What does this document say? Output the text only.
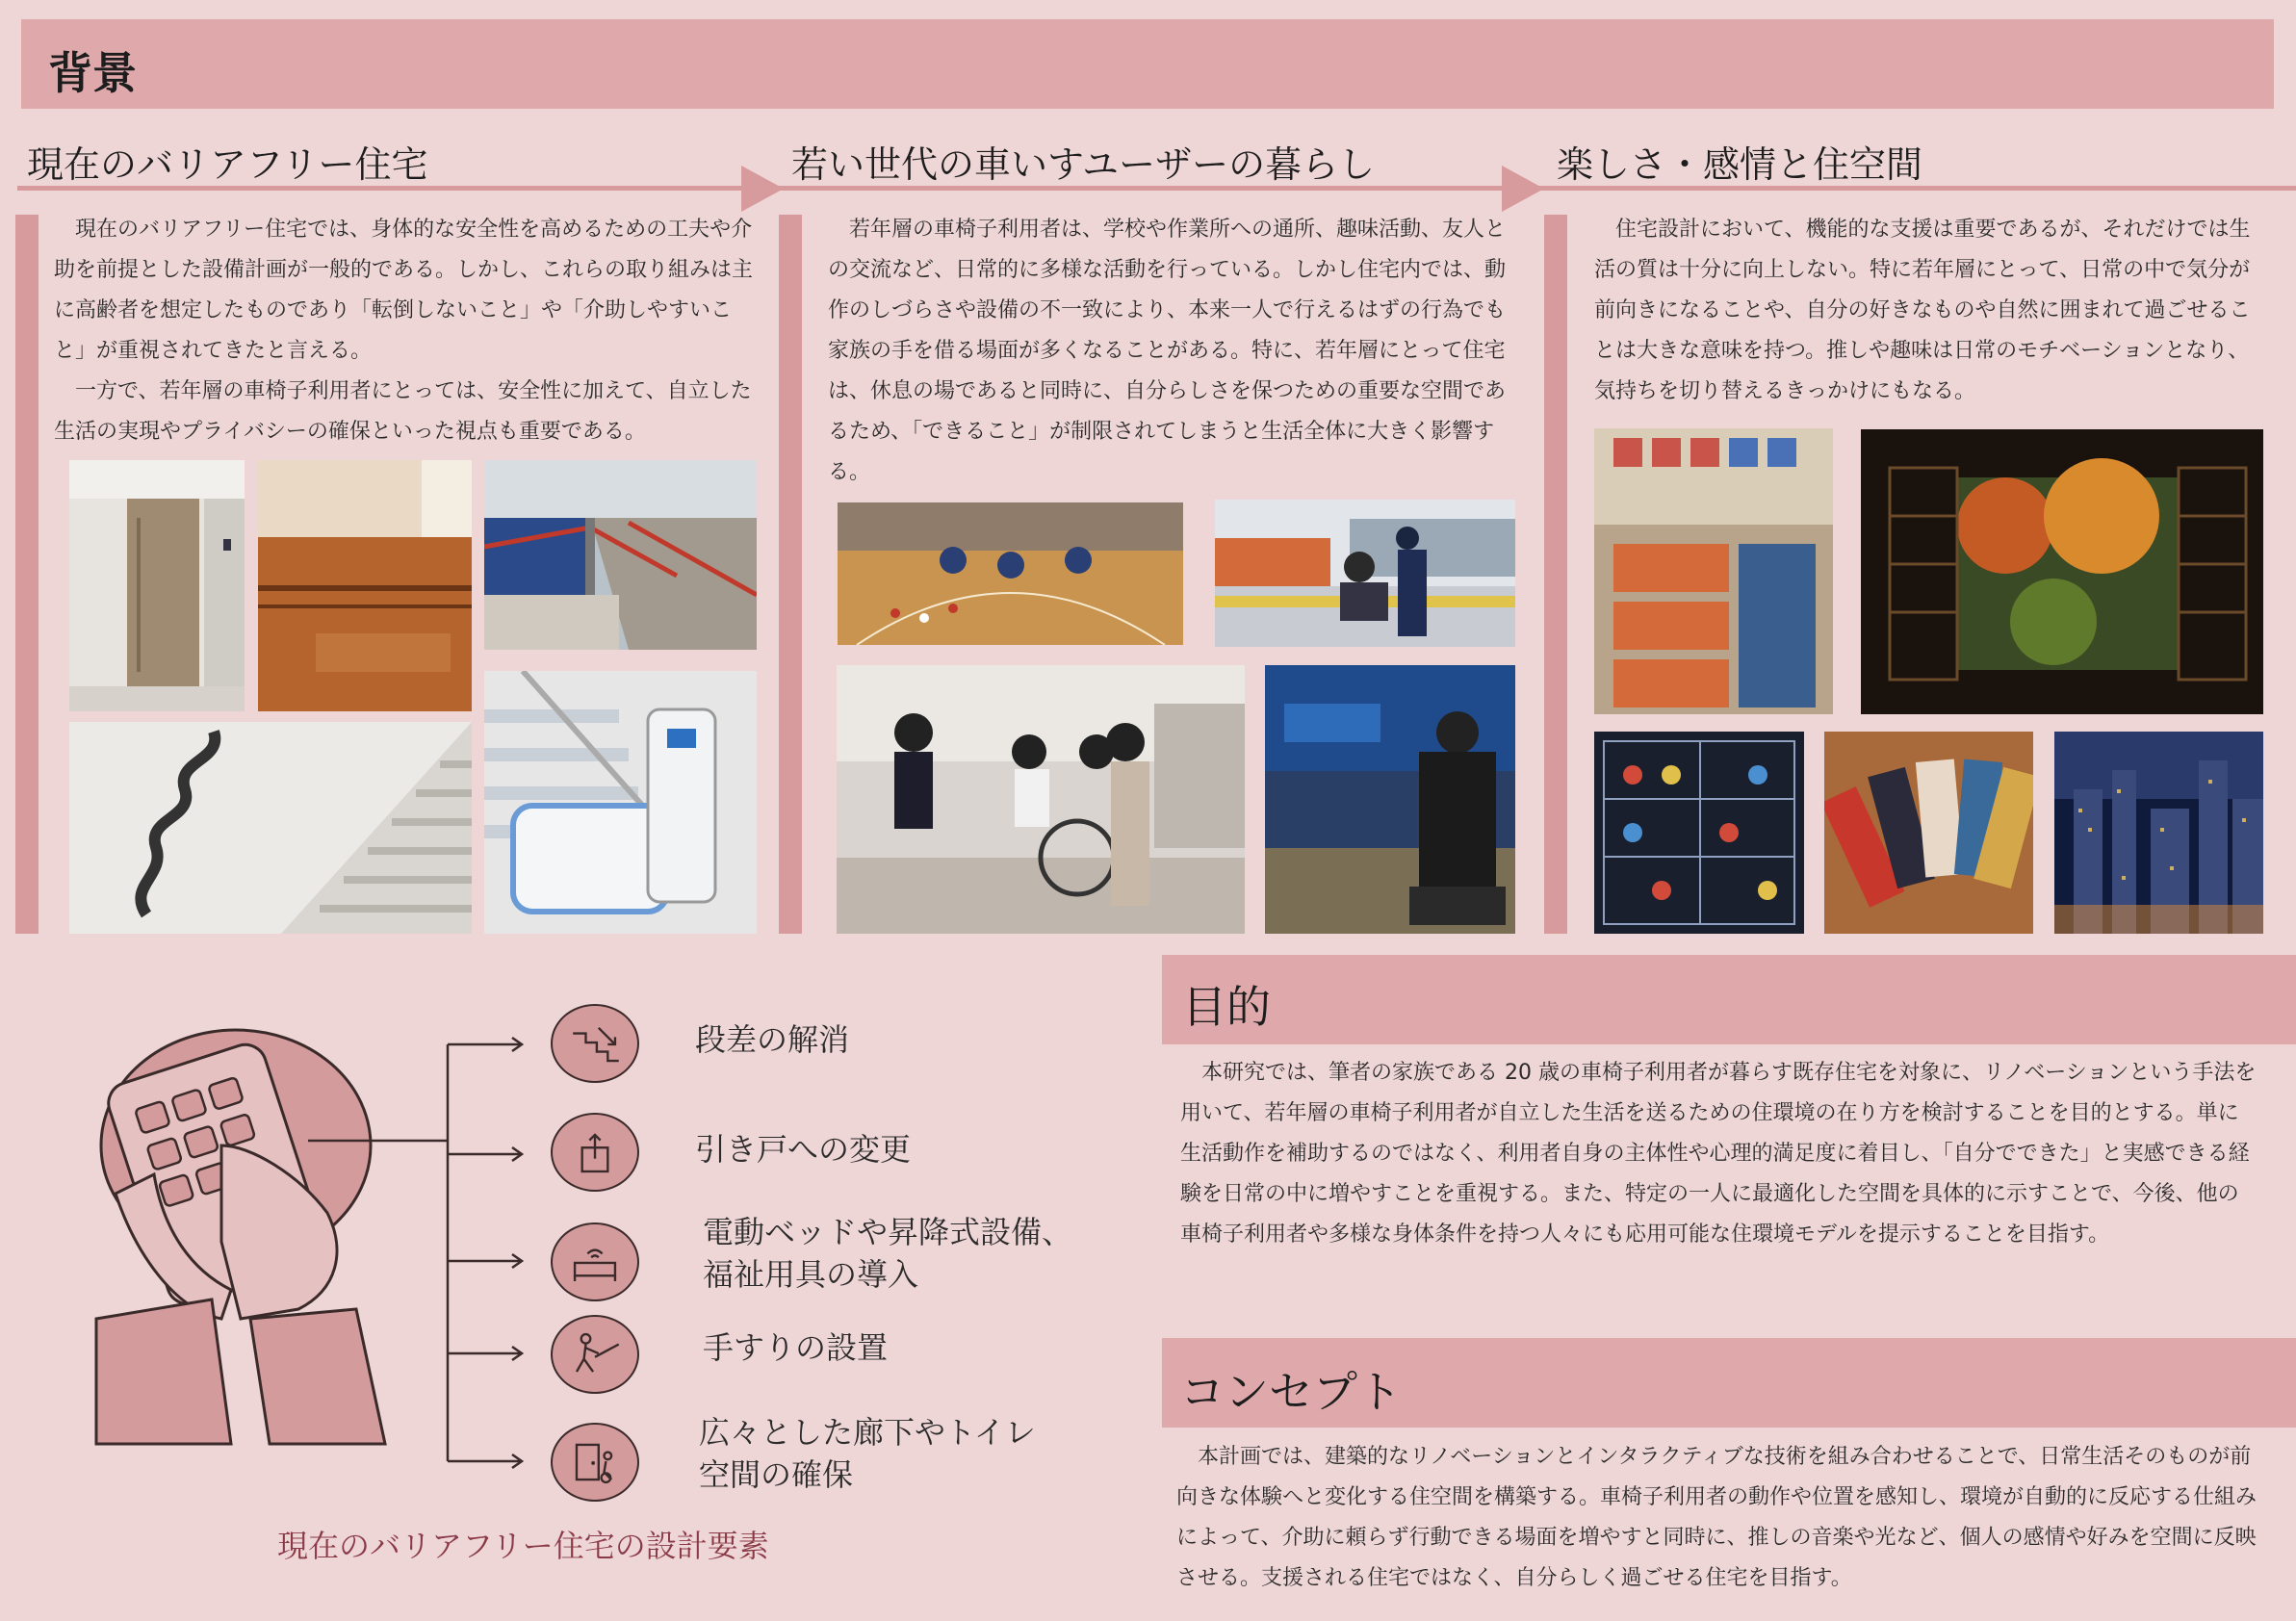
背景
現在のバリアフリー住宅	若い世代の車いすユーザーの暮らし	楽しさ・感情と住空間
現在のバリアフリー住宅では、身体的な安全性を高めるための工夫や介助を前提とした設備計画が一般的である。しかし、これらの取り組みは主に高齢者を想定したものであり「転倒しないこと」や「介助しやすいこと」が重視されてきたと言える。
一方で、若年層の車椅子利用者にとっては、安全性に加えて、自立した生活の実現やプライバシーの確保といった視点も重要である。
若年層の車椅子利用者は、学校や作業所への通所、趣味活動、友人との交流など、日常的に多様な活動を行っている。しかし住宅内では、動作のしづらさや設備の不一致により、本来一人で行えるはずの行為でも家族の手を借る場面が多くなることがある。特に、若年層にとって住宅は、休息の場であると同時に、自分らしさを保つための重要な空間であるため、「できること」が制限されてしまうと生活全体に大きく影響する。
住宅設計において、機能的な支援は重要であるが、それだけでは生活の質は十分に向上しない。特に若年層にとって、日常の中で気分が前向きになることや、自分の好きなものや自然に囲まれて過ごせることは大きな意味を持つ。推しや趣味は日常のモチベーションとなり、気持ちを切り替えるきっかけにもなる。
段差の解消
引き戸への変更
電動ベッドや昇降式設備、
福祉用具の導入
手すりの設置
広々とした廊下やトイレ
空間の確保
現在のバリアフリー住宅の設計要素
目的
本研究では、筆者の家族である 20 歳の車椅子利用者が暮らす既存住宅を対象に、リノベーションという手法を用いて、若年層の車椅子利用者が自立した生活を送るための住環境の在り方を検討することを目的とする。単に生活動作を補助するのではなく、利用者自身の主体性や心理的満足度に着目し、「自分でできた」と実感できる経験を日常の中に増やすことを重視する。また、特定の一人に最適化した空間を具体的に示すことで、今後、他の車椅子利用者や多様な身体条件を持つ人々にも応用可能な住環境モデルを提示することを目指す。
コンセプト
本計画では、建築的なリノベーションとインタラクティブな技術を組み合わせることで、日常生活そのものが前向きな体験へと変化する住空間を構築する。車椅子利用者の動作や位置を感知し、環境が自動的に反応する仕組みによって、介助に頼らず行動できる場面を増やすと同時に、推しの音楽や光など、個人の感情や好みを空間に反映させる。支援される住宅ではなく、自分らしく過ごせる住宅を目指す。
